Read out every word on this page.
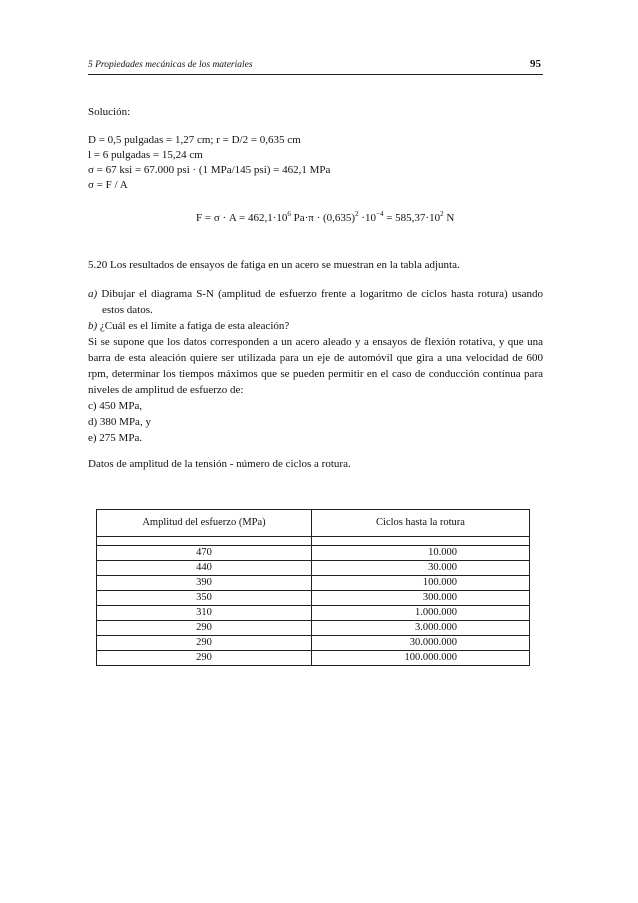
5 Propiedades mecánicas de los materiales	95
Solución:
D = 0,5 pulgadas = 1,27 cm; r = D/2 = 0,635 cm
l = 6 pulgadas = 15,24 cm
σ = 67 ksi = 67.000 psi · (1 MPa/145 psi) = 462,1 MPa
σ = F / A
$F = \sigma \cdot A = 462,1\cdot 10^6$ $Pa\cdot\pi \cdot (0,635)^2 \cdot 10^{-4} = 585,37\cdot 10^2$ N
5.20 Los resultados de ensayos de fatiga en un acero se muestran en la tabla adjunta.

a) Dibujar el diagrama S-N (amplitud de esfuerzo frente a logaritmo de ciclos hasta rotura) usando estos datos.

b) ¿Cuál es el límite a fatiga de esta aleación?

Si se supone que los datos corresponden a un acero aleado y a ensayos de flexión rotativa, y que una barra de esta aleación quiere ser utilizada para un eje de automóvil que gira a una velocidad de 600 rpm, determinar los tiempos máximos que se pueden permitir en el caso de conducción contínua para niveles de amplitud de esfuerzo de:

c) 450 MPa,

d) 380 MPa, y

e) 275 MPa.

Datos de amplitud de la tensión - número de ciclos a rotura.
Amplitud del esfuerzo (MPa)	Ciclos hasta la rotura

470	10.000
440	30.000
390	100.000
350	300.000
310	1.000.000
290	3.000.000
290	30.000.000
290	100.000.000
